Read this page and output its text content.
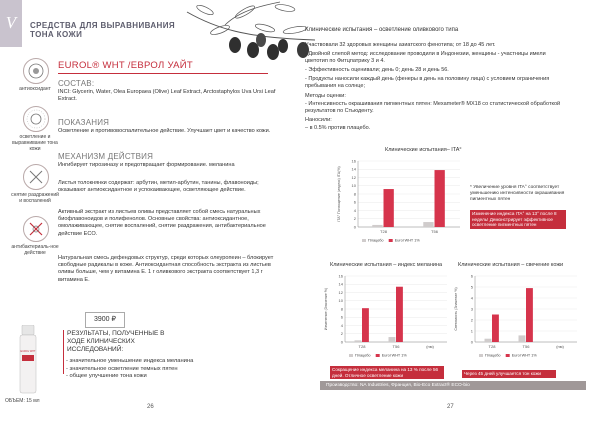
V	СРЕДСТВА ДЛЯ ВЫРАВНИВАНИЯ ТОНА КОЖИ
антиоксидант
осветление и выравнивание тона кожи
снятие раздражений и воспалений
антибактериаль-ное действие
EUROL WHT
ОБЪЕМ: 15 мл
EUROL® WHT /ЕВРОЛ УАЙТ
СОСТАВ:
INCI: Glycerin, Water, Olea Europaea (Olive) Leaf Extract, Arctostaphylos Uva Ursi Leaf Extract.
ПОКАЗАНИЯ
Осветление и противовоспалительное действие. Улучшает цвет и качество кожи.
МЕХАНИЗМ ДЕЙСТВИЯ
Ингибирует тирозиназу и предотвращает формирование. меланина
Листья толокнянки содержат: арбутин, метил-арбутин, танины, флавоноиды; оказывают антиоксидантное и успокаивающее, осветляющее действие.
Активный экстракт из листьев оливы представляет собой смесь натуральных биофлавоноидов и полифенолов. Основные свойства: антиоксидантное, омолаживающее, снятие воспалений, снятие раздражения, антибактериальное действие ECO.
Натуральная смесь дефендовых структур, среди которых олеуропеин – блокирует свободные радикалы в коже. Антиоксидантная способность экстракта из листьев оливы больше, чем у витамина Е. 1 г оливкового экстракта соответствует 1,3 г витамина Е.
3900 ₽
РЕЗУЛЬТАТЫ, ПОЛУЧЕННЫЕ В ХОДЕ КЛИНИЧЕСКИХ ИССЛЕДОВАНИЙ:
- значительное уменьшение индекса меланина
- значительное осветление темных пятен
- общее улучшение тона кожи
26
Клинические испытания – осветление оливкового типа
Участвовали 32 здоровых женщины азиатского фенотипа; от 18 до 45 лет.
- Двойной слепой метод: исследование проводили в Индонезии, женщины - участницы имели цветотип по Фитцпатрику 3 и 4.
- Эффективность оценивали; день 0; день 28 и день 56.
- Продукты наносили каждый день (фенеры в день на половину лица) с условием ограничения пребывания на солнце;
Методы оценки:
- Интенсивность окрашивания пигментных пятен: Mexameter® MX18 со статистической обработкой результатов по Стьюденту.
Наносили:
– в 0.5% против плацебо.
Клинические испытания– ITA°
ITA° Поглощение (индекс) ITA(%)
0
2
4
6
8
10
12
14
16
T28	T56
Плацебо	Eurol WHT 1%
* Увеличение уровня ITA° соответствует уменьшению интенсивности окрашивания пигментных пятен
Изменение индекса ITA° на 13° после 8 недель! Демонстрирует эффективное осветление пигментных пятен
Клинические испытания – индекс меланина
Изменение (Значение %)
0
2
4
6
8
10
12
14
16
T28	T56	(нм)
Плацебо	Eurol WHT 1%
Сокращение индекса меланина на 13 % после 56 дней. Отличное осветление кожи
Клинические испытания – свечение кожи
Светимость (Значение %)
0
1
2
3
4
5
6
T28	T56	(нм)
Плацебо	Eurol WHT 1%
Через 45 дней улучшается тон кожи
Производство: NA Industries, Франция, Bio-Eco Extract® ECO-bio
27
